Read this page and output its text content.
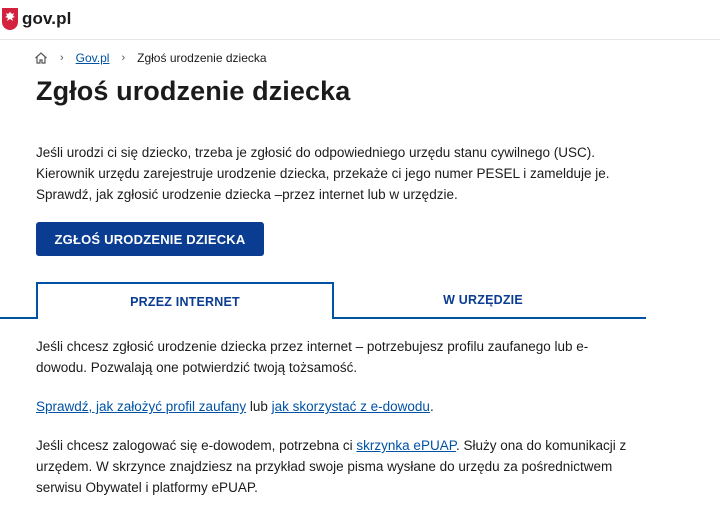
gov.pl
› Gov.pl › Zgłoś urodzenie dziecka
Zgłoś urodzenie dziecka

Jeśli urodzi ci się dziecko, trzeba je zgłosić do odpowiedniego urzędu stanu cywilnego (USC). Kierownik urzędu zarejestruje urodzenie dziecka, przekaże ci jego numer PESEL i zamelduje je. Sprawdź, jak zgłosić urodzenie dziecka –przez internet lub w urzędzie.

ZGŁOŚ URODZENIE DZIECKA
PRZEZ INTERNET	W URZĘDZIE

Jeśli chcesz zgłosić urodzenie dziecka przez internet – potrzebujesz profilu zaufanego lub e-dowodu. Pozwalają one potwierdzić twoją tożsamość.

Sprawdź, jak założyć profil zaufany lub jak skorzystać z e-dowodu.

Jeśli chcesz zalogować się e-dowodem, potrzebna ci skrzynka ePUAP. Służy ona do komunikacji z urzędem. W skrzynce znajdziesz na przykład swoje pisma wysłane do urzędu za pośrednictwem serwisu Obywatel i platformy ePUAP.
